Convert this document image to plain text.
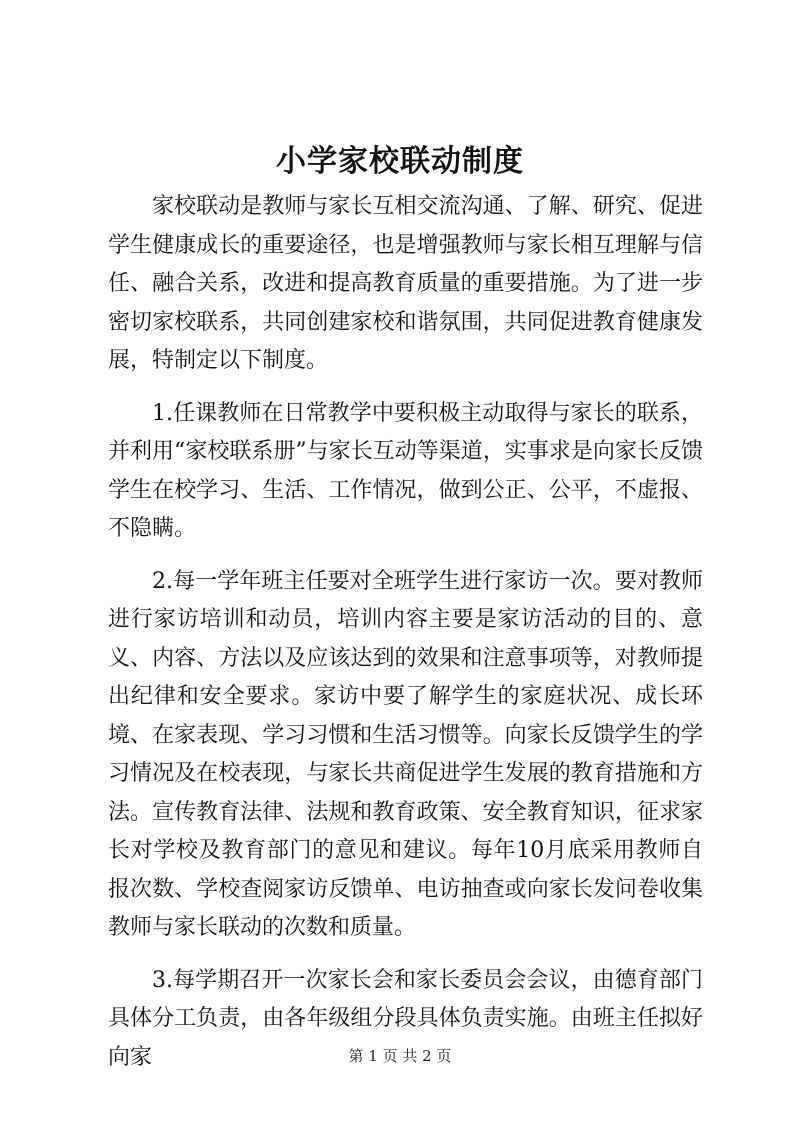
小学家校联动制度

家校联动是教师与家长互相交流沟通、了解、研究、促进学生健康成长的重要途径，也是增强教师与家长相互理解与信任、融合关系，改进和提高教育质量的重要措施。为了进一步密切家校联系，共同创建家校和谐氛围，共同促进教育健康发展，特制定以下制度。

1.任课教师在日常教学中要积极主动取得与家长的联系，并利用“家校联系册”与家长互动等渠道，实事求是向家长反馈学生在校学习、生活、工作情况，做到公正、公平，不虚报、不隐瞒。

2.每一学年班主任要对全班学生进行家访一次。要对教师进行家访培训和动员，培训内容主要是家访活动的目的、意义、内容、方法以及应该达到的效果和注意事项等，对教师提出纪律和安全要求。家访中要了解学生的家庭状况、成长环境、在家表现、学习习惯和生活习惯等。向家长反馈学生的学习情况及在校表现，与家长共商促进学生发展的教育措施和方法。宣传教育法律、法规和教育政策、安全教育知识，征求家长对学校及教育部门的意见和建议。每年10月底采用教师自报次数、学校查阅家访反馈单、电访抽查或向家长发问卷收集教师与家长联动的次数和质量。

3.每学期召开一次家长会和家长委员会会议，由德育部门具体分工负责，由各年级组分段具体负责实施。由班主任拟好向家	第 1 页 共 2 页
